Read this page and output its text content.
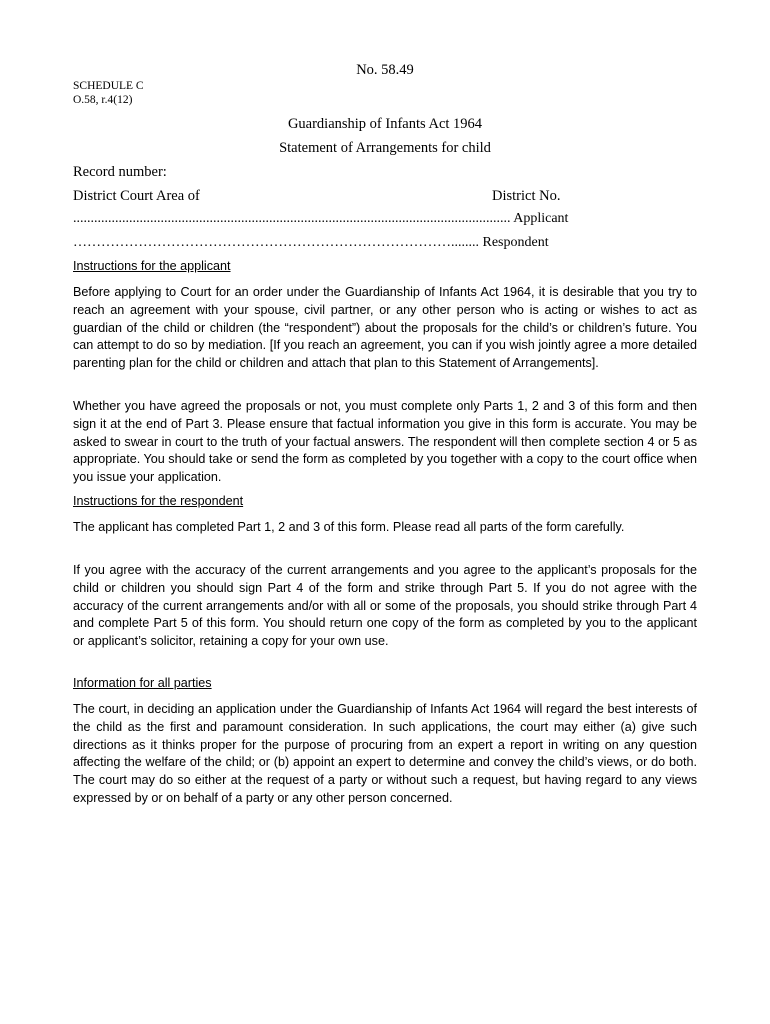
No. 58.49
SCHEDULE C
O.58, r.4(12)
Guardianship of Infants Act 1964
Statement of Arrangements for child
Record number:
District Court Area of	District No.
............................................................................................................................. Applicant
………………………………………………………………………........ Respondent
Instructions for the applicant
Before applying to Court for an order under the Guardianship of Infants Act 1964, it is desirable that you try to reach an agreement with your spouse, civil partner, or any other person who is acting or wishes to act as guardian of the child or children (the “respondent”) about the proposals for the child’s or children’s future. You can attempt to do so by mediation. [If you reach an agreement, you can if you wish jointly agree a more detailed parenting plan for the child or children and attach that plan to this Statement of Arrangements].
Whether you have agreed the proposals or not, you must complete only Parts 1, 2 and 3 of this form and then sign it at the end of Part 3. Please ensure that factual information you give in this form is accurate. You may be asked to swear in court to the truth of your factual answers. The respondent will then complete section 4 or 5 as appropriate. You should take or send the form as completed by you together with a copy to the court office when you issue your application.
Instructions for the respondent
The applicant has completed Part 1, 2 and 3 of this form. Please read all parts of the form carefully.
If you agree with the accuracy of the current arrangements and you agree to the applicant’s proposals for the child or children you should sign Part 4 of the form and strike through Part 5. If you do not agree with the accuracy of the current arrangements and/or with all or some of the proposals, you should strike through Part 4 and complete Part 5 of this form. You should return one copy of the form as completed by you to the applicant or applicant’s solicitor, retaining a copy for your own use.
Information for all parties
The court, in deciding an application under the Guardianship of Infants Act 1964 will regard the best interests of the child as the first and paramount consideration. In such applications, the court may either (a) give such directions as it thinks proper for the purpose of procuring from an expert a report in writing on any question affecting the welfare of the child; or (b) appoint an expert to determine and convey the child’s views, or do both. The court may do so either at the request of a party or without such a request, but having regard to any views expressed by or on behalf of a party or any other person concerned.
